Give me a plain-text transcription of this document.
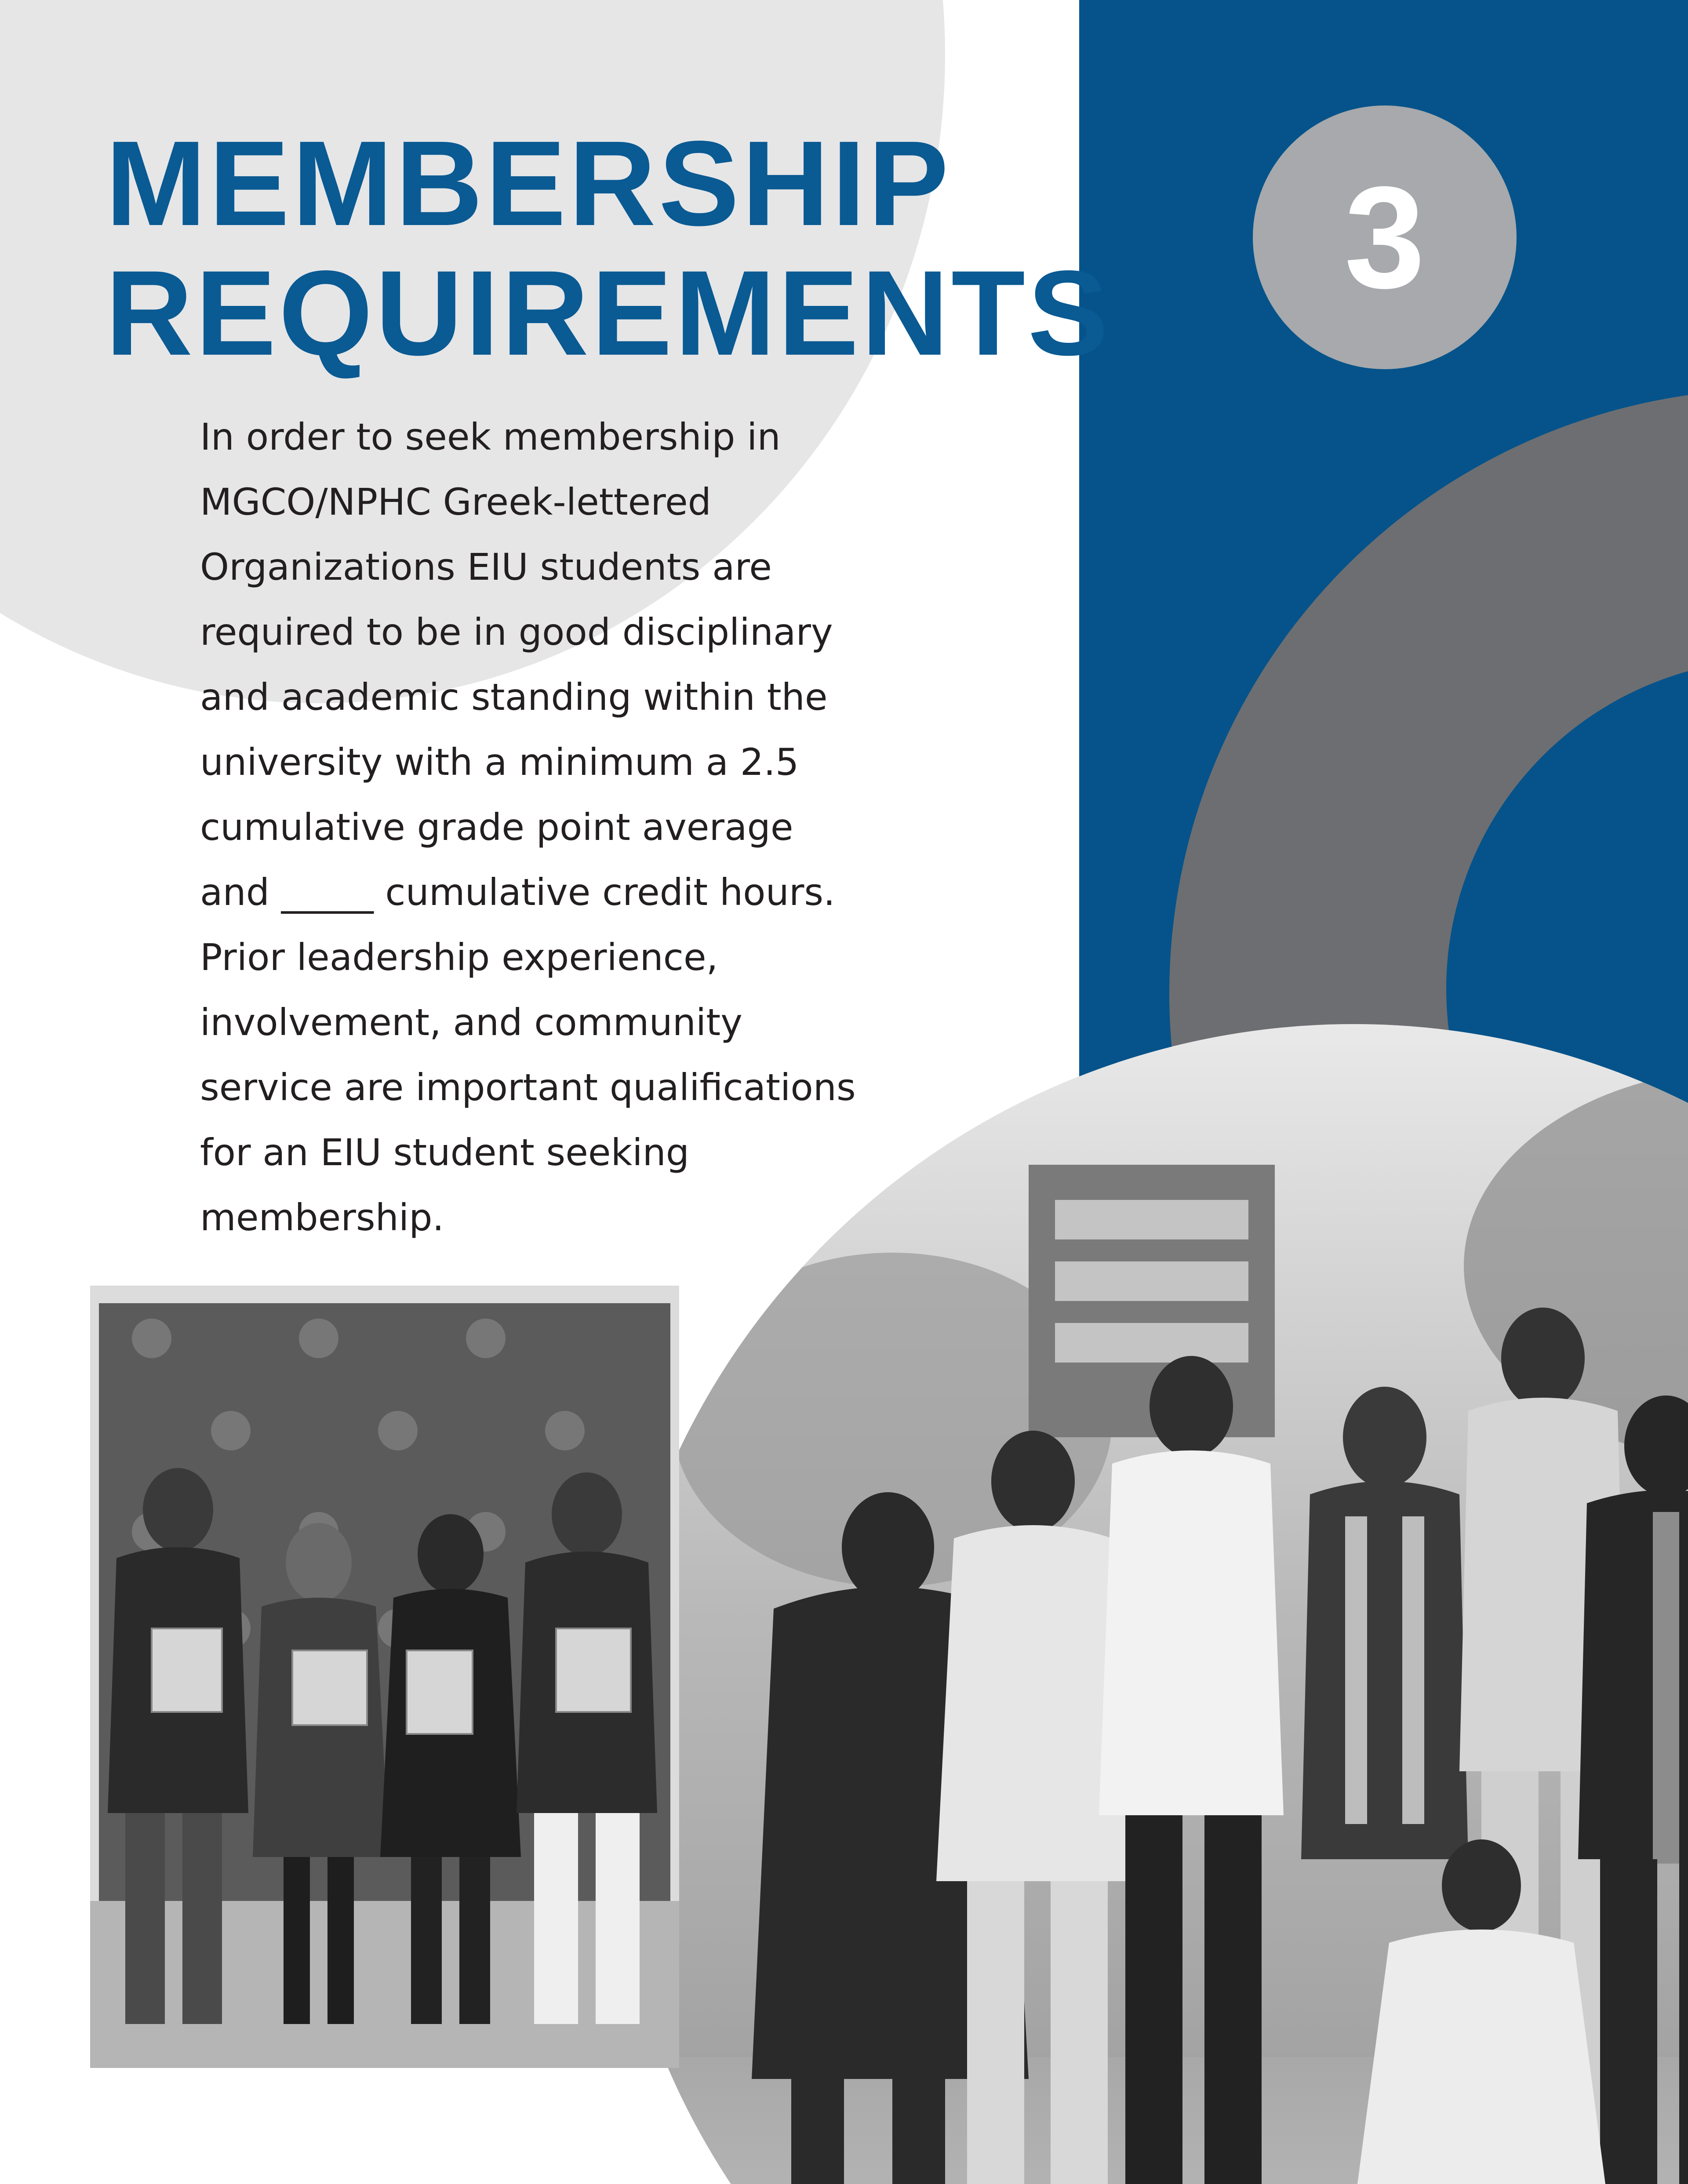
3
MEMBERSHIP
REQUIREMENTS
In order to seek membership in
MGCO/NPHC Greek-lettered
Organizations EIU students are
required to be in good disciplinary
and academic standing within the
university with a minimum a 2.5
cumulative grade point average
and _____ cumulative credit hours.
Prior leadership experience,
involvement, and community
service are important qualifications
for an EIU student seeking
membership.
